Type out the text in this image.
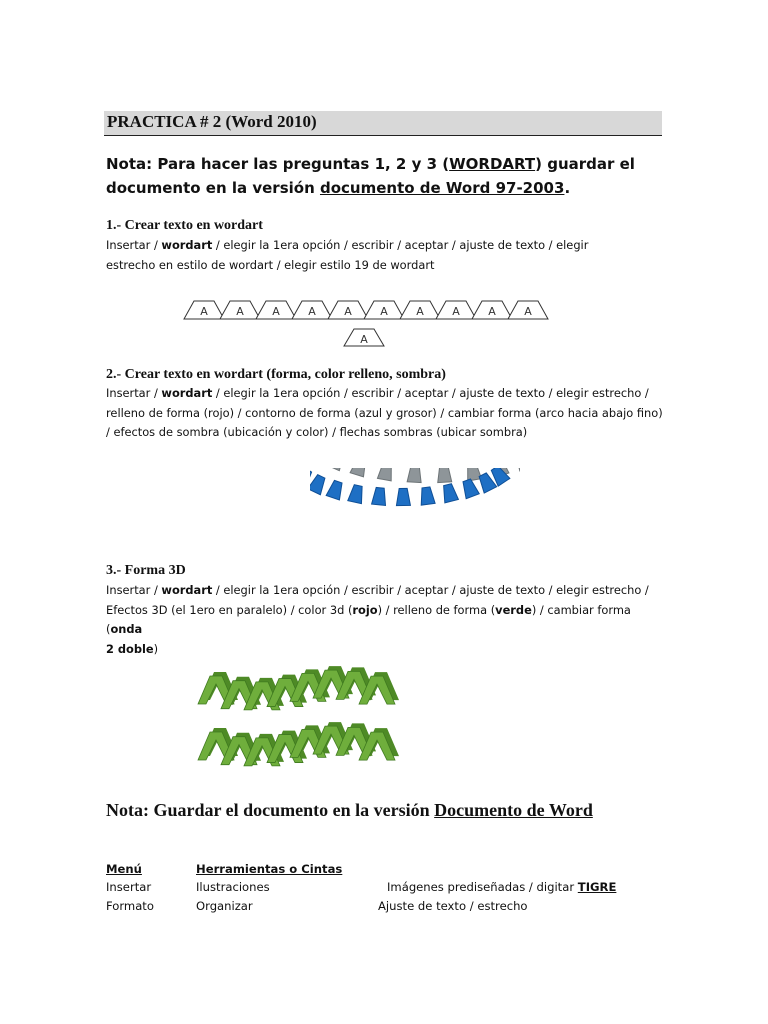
PRACTICA # 2 (Word 2010)
Nota: Para hacer las preguntas 1, 2 y 3 (WORDART) guardar el documento en la versión documento de Word 97-2003.
1.- Crear texto en wordart
Insertar / wordart / elegir la 1era opción / escribir / aceptar / ajuste de texto / elegir
estrecho en estilo de wordart / elegir estilo 19 de wordart
A	A	A	A	A	A	A	A	A	A
A
2.- Crear texto en wordart (forma, color relleno, sombra)
Insertar / wordart / elegir la 1era opción / escribir / aceptar / ajuste de texto / elegir estrecho /
relleno de forma (rojo) / contorno de forma (azul y grosor) / cambiar forma (arco hacia abajo fino)
/ efectos de sombra (ubicación y color) / flechas sombras (ubicar sombra)
3.- Forma 3D
Insertar / wordart / elegir la 1era opción / escribir / aceptar / ajuste de texto / elegir estrecho /
Efectos 3D (el 1ero en paralelo) / color 3d (rojo) / relleno de forma (verde) / cambiar forma (onda
2 doble)
Nota: Guardar el documento en la versión Documento de Word
Menú	Herramientas o Cintas
Insertar	Ilustraciones	Imágenes prediseñadas / digitar TIGRE
Formato	Organizar	Ajuste de texto / estrecho
